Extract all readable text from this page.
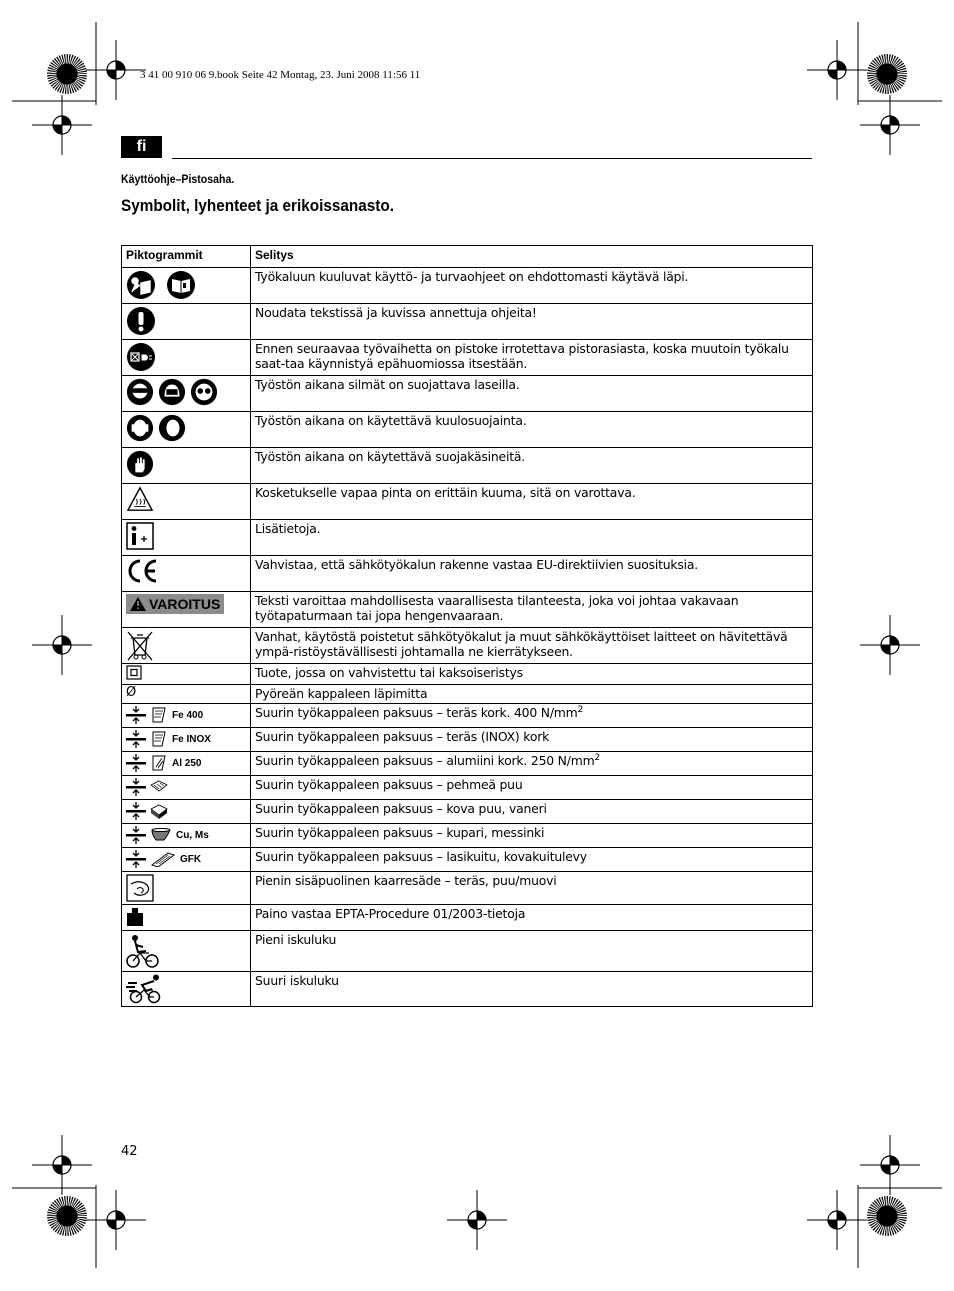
3 41 00 910 06 9.book Seite 42 Montag, 23. Juni 2008 11:56 11
fi
Käyttöohje–Pistosaha.
Symbolit, lyhenteet ja erikoissanasto.
Piktogrammit	Selitys

	Työkaluun kuuluvat käyttö- ja turvaohjeet on ehdottomasti käytävä läpi.

	Noudata tekstissä ja kuvissa annettuja ohjeita!

	Ennen seuraavaa työvaihetta on pistoke irrotettava pistorasiasta, koska muutoin työkalu saat-taa käynnistyä epähuomiossa itsestään.

	Työstön aikana silmät on suojattava laseilla.

	Työstön aikana on käytettävä kuulosuojainta.

	Työstön aikana on käytettävä suojakäsineitä.

	Kosketukselle vapaa pinta on erittäin kuuma, sitä on varottava.

	Lisätietoja.

	Vahvistaa, että sähkötyökalun rakenne vastaa EU-direktiivien suosituksia.

VAROITUS	Teksti varoittaa mahdollisesta vaarallisesta tilanteesta, joka voi johtaa vakavaan työtapaturmaan tai jopa hengenvaaraan.

	Vanhat, käytöstä poistetut sähkötyökalut ja muut sähkökäyttöiset laitteet on hävitettävä ympä-ristöystävällisesti johtamalla ne kierrätykseen.
	Tuote, jossa on vahvistettu tai kaksoiseristys
Ø	Pyöreän kappaleen läpimitta

Fe 400	Suurin työkappaleen paksuus – teräs kork. 400 $N/mm^2$

Fe INOX	Suurin työkappaleen paksuus – teräs (INOX) kork

Al 250	Suurin työkappaleen paksuus – alumiini kork. 250 $N/mm^2$

	Suurin työkappaleen paksuus – pehmeä puu

	Suurin työkappaleen paksuus – kova puu, vaneri

Cu, Ms	Suurin työkappaleen paksuus – kupari, messinki

GFK	Suurin työkappaleen paksuus – lasikuitu, kovakuitulevy

	Pienin sisäpuolinen kaarresäde – teräs, puu/muovi

	Paino vastaa EPTA-Procedure 01/2003-tietoja

	Pieni iskuluku

	Suuri iskuluku
42
